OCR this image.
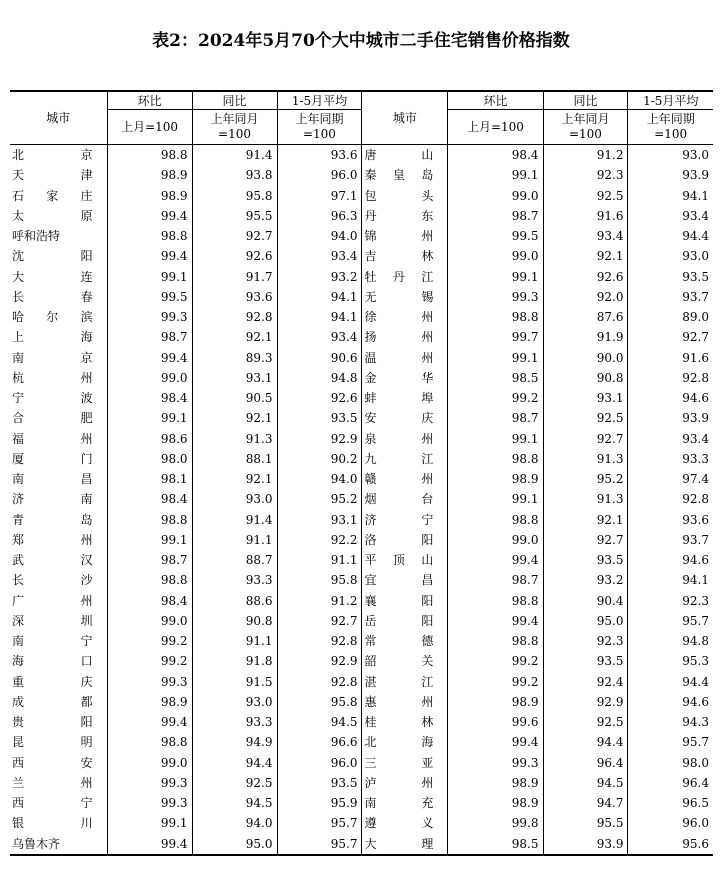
表2：2024年5月70个大中城市二手住宅销售价格指数
城市	环比	同比	1-5月平均	城市	环比	同比	1-5月平均
	上月=100	上年同月=100	上年同期=100		上月=100	上年同月=100	上年同期=100
北京	98.8	91.4	93.6	唐山	98.4	91.2	93.0
天津	98.9	93.8	96.0	秦皇岛	99.1	92.3	93.9
石家庄	98.9	95.8	97.1	包头	99.0	92.5	94.1
太原	99.4	95.5	96.3	丹东	98.7	91.6	93.4
呼和浩特	98.8	92.7	94.0	锦州	99.5	93.4	94.4
沈阳	99.4	92.6	93.4	吉林	99.0	92.1	93.0
大连	99.1	91.7	93.2	牡丹江	99.1	92.6	93.5
长春	99.5	93.6	94.1	无锡	99.3	92.0	93.7
哈尔滨	99.3	92.8	94.1	徐州	98.8	87.6	89.0
上海	98.7	92.1	93.4	扬州	99.7	91.9	92.7
南京	99.4	89.3	90.6	温州	99.1	90.0	91.6
杭州	99.0	93.1	94.8	金华	98.5	90.8	92.8
宁波	98.4	90.5	92.6	蚌埠	99.2	93.1	94.6
合肥	99.1	92.1	93.5	安庆	98.7	92.5	93.9
福州	98.6	91.3	92.9	泉州	99.1	92.7	93.4
厦门	98.0	88.1	90.2	九江	98.8	91.3	93.3
南昌	98.1	92.1	94.0	赣州	98.9	95.2	97.4
济南	98.4	93.0	95.2	烟台	99.1	91.3	92.8
青岛	98.8	91.4	93.1	济宁	98.8	92.1	93.6
郑州	99.1	91.1	92.2	洛阳	99.0	92.7	93.7
武汉	98.7	88.7	91.1	平顶山	99.4	93.5	94.6
长沙	98.8	93.3	95.8	宜昌	98.7	93.2	94.1
广州	98.4	88.6	91.2	襄阳	98.8	90.4	92.3
深圳	99.0	90.8	92.7	岳阳	99.4	95.0	95.7
南宁	99.2	91.1	92.8	常德	98.8	92.3	94.8
海口	99.2	91.8	92.9	韶关	99.2	93.5	95.3
重庆	99.3	91.5	92.8	湛江	99.2	92.4	94.4
成都	98.9	93.0	95.8	惠州	98.9	92.9	94.6
贵阳	99.4	93.3	94.5	桂林	99.6	92.5	94.3
昆明	98.8	94.9	96.6	北海	99.4	94.4	95.7
西安	99.0	94.4	96.0	三亚	99.3	96.4	98.0
兰州	99.3	92.5	93.5	泸州	98.9	94.5	96.4
西宁	99.3	94.5	95.9	南充	98.9	94.7	96.5
银川	99.1	94.0	95.7	遵义	99.8	95.5	96.0
乌鲁木齐	99.4	95.0	95.7	大理	98.5	93.9	95.6
